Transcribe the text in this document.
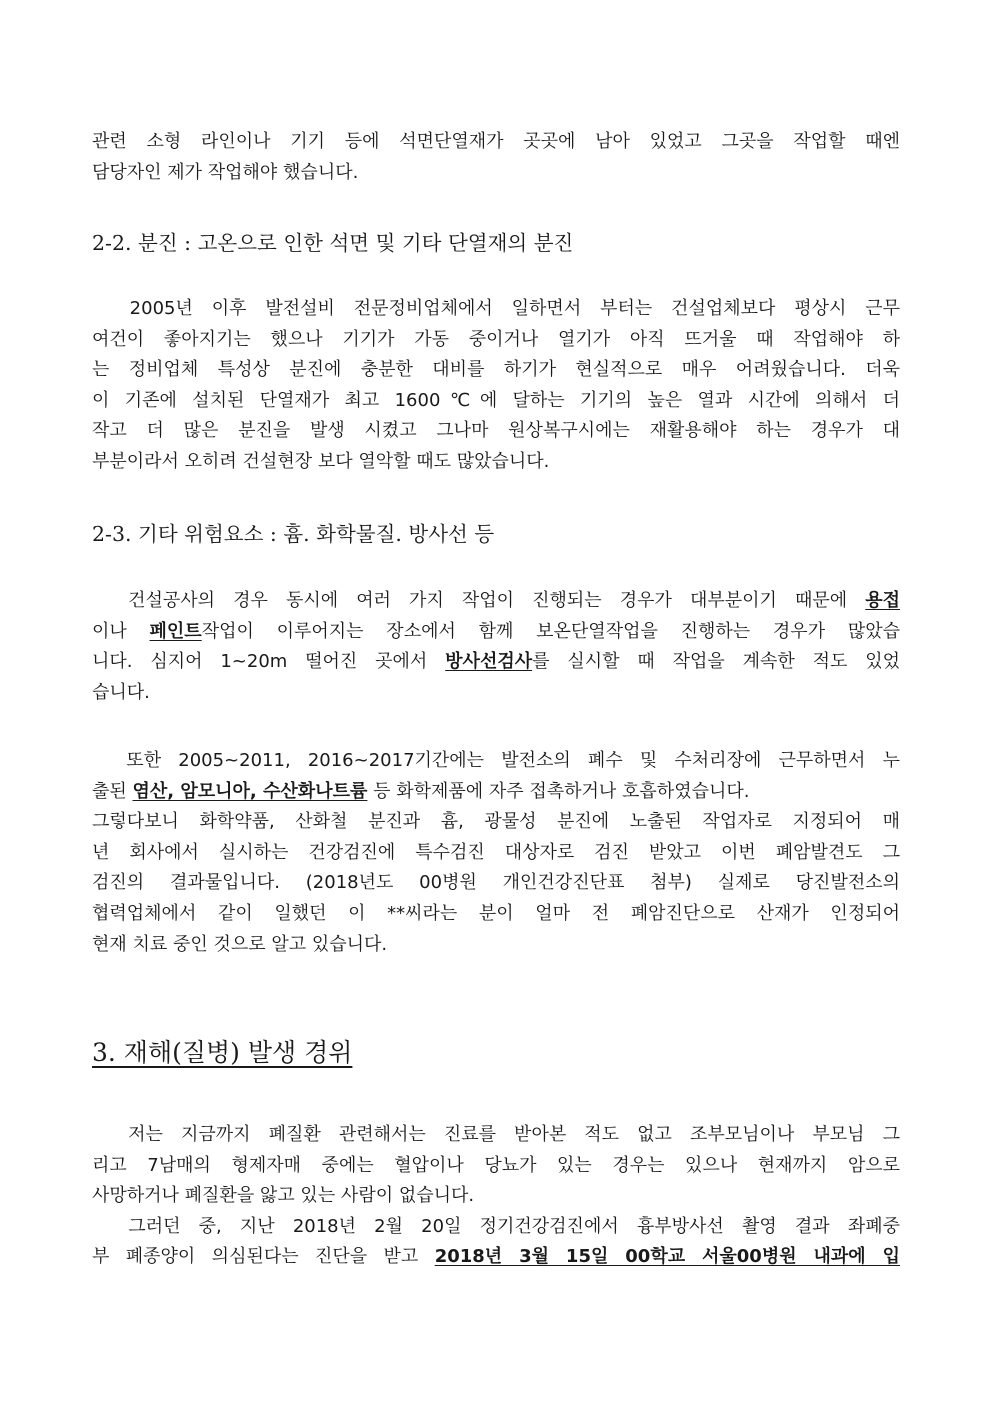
관련 소형 라인이나 기기 등에 석면단열재가 곳곳에 남아 있었고 그곳을 작업할 때엔
담당자인 제가 작업해야 했습니다.
2-2. 분진 : 고온으로 인한 석면 및 기타 단열재의 분진
2005년 이후 발전설비 전문정비업체에서 일하면서 부터는 건설업체보다 평상시 근무
여건이 좋아지기는 했으나 기기가 가동 중이거나 열기가 아직 뜨거울 때 작업해야 하
는 정비업체 특성상 분진에 충분한 대비를 하기가 현실적으로 매우 어려웠습니다. 더욱
이 기존에 설치된 단열재가 최고 1600℃에 달하는 기기의 높은 열과 시간에 의해서 더
작고 더 많은 분진을 발생 시켰고 그나마 원상복구시에는 재활용해야 하는 경우가 대
부분이라서 오히려 건설현장 보다 열악할 때도 많았습니다.
2-3. 기타 위험요소 : 흄. 화학물질. 방사선 등
건설공사의 경우 동시에 여러 가지 작업이 진행되는 경우가 대부분이기 때문에 용접
이나 페인트작업이 이루어지는 장소에서 함께 보온단열작업을 진행하는 경우가 많았습
니다. 심지어 1~20m 떨어진 곳에서 방사선검사를 실시할 때 작업을 계속한 적도 있었
습니다.
또한 2005~2011, 2016~2017기간에는 발전소의 폐수 및 수처리장에 근무하면서 누
출된 염산, 암모니아, 수산화나트륨 등 화학제품에 자주 접촉하거나 호흡하였습니다.
그렇다보니 화학약품, 산화철 분진과 흄, 광물성 분진에 노출된 작업자로 지정되어 매
년 회사에서 실시하는 건강검진에 특수검진 대상자로 검진 받았고 이번 폐암발견도 그
검진의 결과물입니다. (2018년도 00병원 개인건강진단표 첨부) 실제로 당진발전소의
협력업체에서 같이 일했던 이 **씨라는 분이 얼마 전 폐암진단으로 산재가 인정되어
현재 치료 중인 것으로 알고 있습니다.
3. 재해(질병) 발생 경위
저는 지금까지 폐질환 관련해서는 진료를 받아본 적도 없고 조부모님이나 부모님 그
리고 7남매의 형제자매 중에는 혈압이나 당뇨가 있는 경우는 있으나 현재까지 암으로
사망하거나 폐질환을 앓고 있는 사람이 없습니다.
그러던 중, 지난 2018년 2월 20일 정기건강검진에서 흉부방사선 촬영 결과 좌폐중
부 폐종양이 의심된다는 진단을 받고 2018년 3월 15일 00학교 서울00병원 내과에 입
